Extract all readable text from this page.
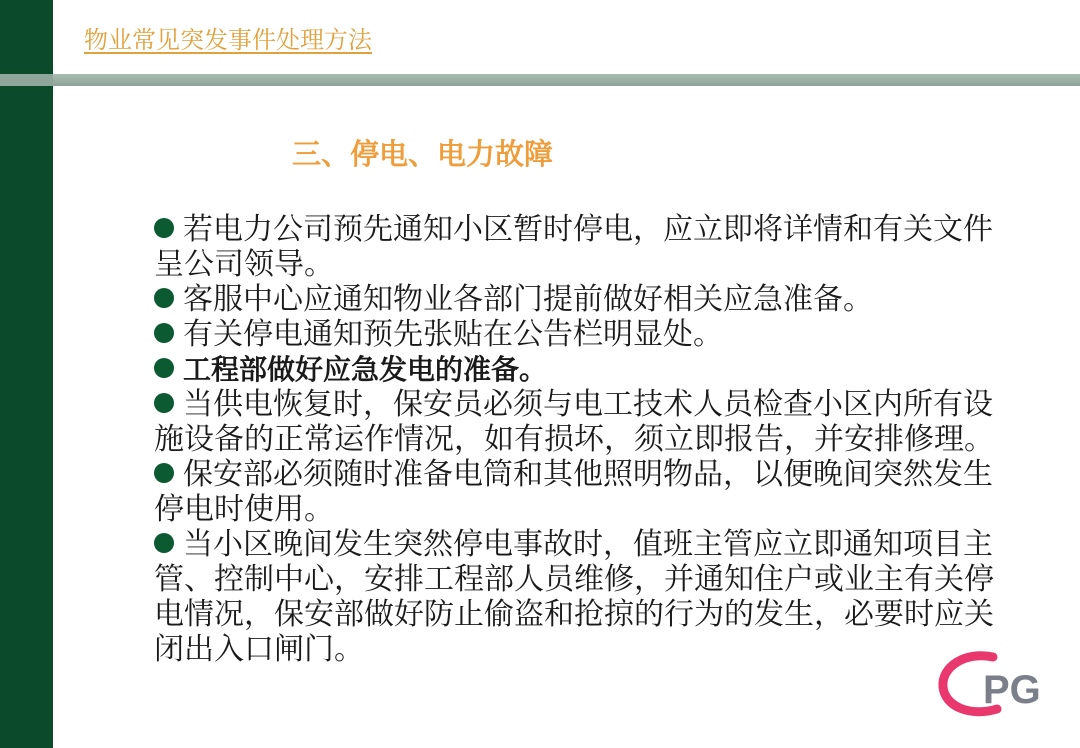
物业常见突发事件处理方法
三、停电、电力故障

若电力公司预先通知小区暂时停电，应立即将详情和有关文件呈公司领导。

客服中心应通知物业各部门提前做好相关应急准备。

有关停电通知预先张贴在公告栏明显处。

工程部做好应急发电的准备。

当供电恢复时，保安员必须与电工技术人员检查小区内所有设施设备的正常运作情况，如有损坏，须立即报告，并安排修理。

保安部必须随时准备电筒和其他照明物品，以便晚间突然发生停电时使用。

当小区晚间发生突然停电事故时，值班主管应立即通知项目主管、控制中心，安排工程部人员维修，并通知住户或业主有关停电情况，保安部做好防止偷盗和抢掠的行为的发生，必要时应关闭出入口闸门。

PG
